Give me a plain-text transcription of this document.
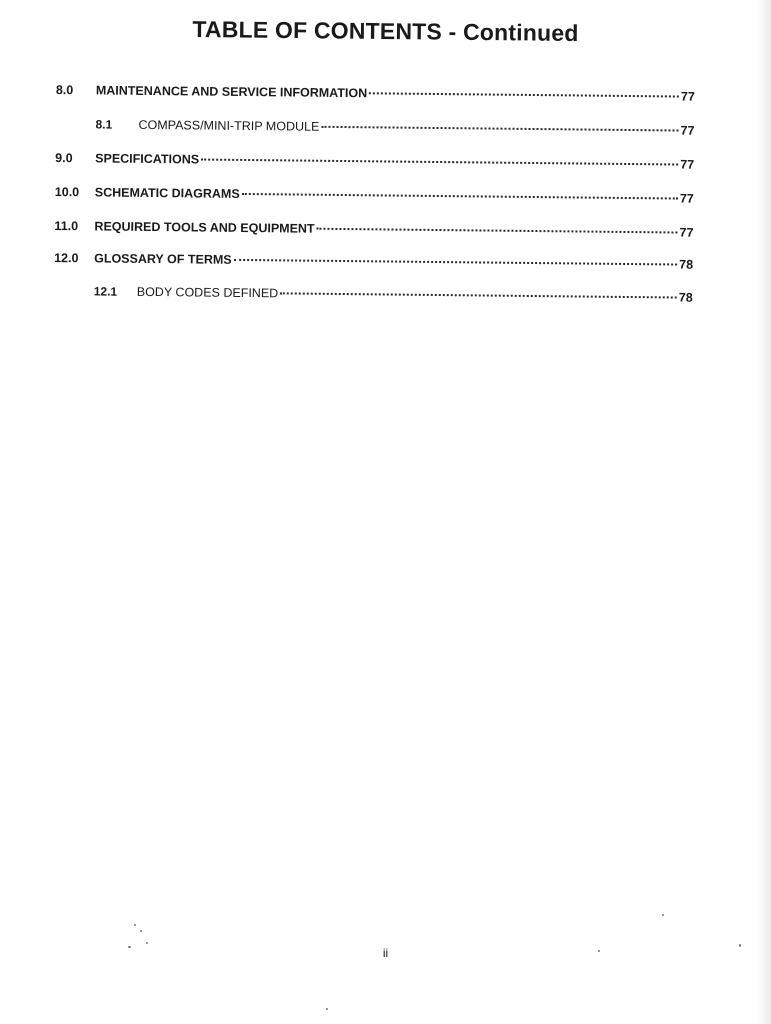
TABLE OF CONTENTS - Continued
8.0 MAINTENANCE AND SERVICE INFORMATION	77
8.1 COMPASS/MINI-TRIP MODULE	77
9.0 SPECIFICATIONS	77
10.0 SCHEMATIC DIAGRAMS	77
11.0 REQUIRED TOOLS AND EQUIPMENT	77
12.0 GLOSSARY OF TERMS	78
12.1 BODY CODES DEFINED	78
ii
